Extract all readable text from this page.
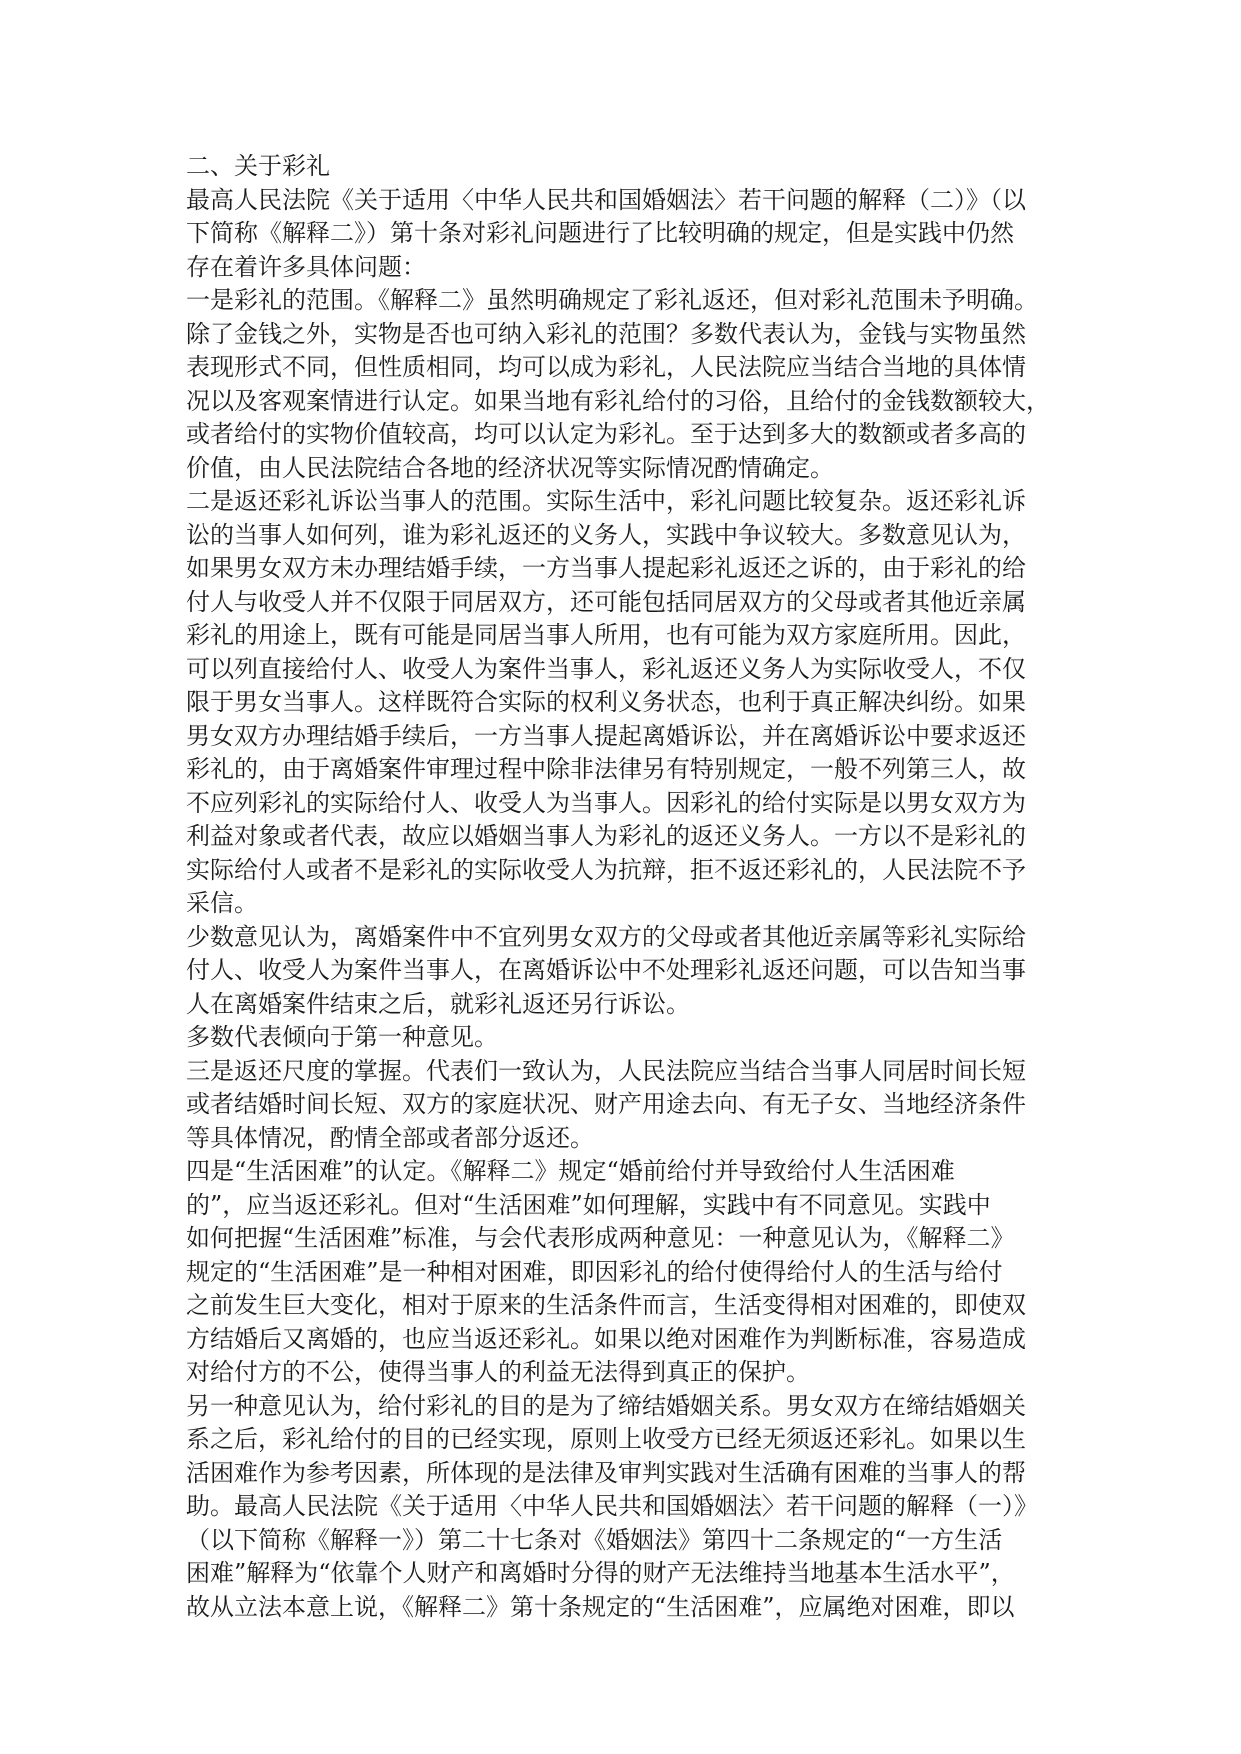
二、关于彩礼
最高人民法院《关于适用〈中华人民共和国婚姻法〉若干问题的解释（二）》（以
下简称《解释二》）第十条对彩礼问题进行了比较明确的规定，但是实践中仍然
存在着许多具体问题：
一是彩礼的范围。《解释二》虽然明确规定了彩礼返还，但对彩礼范围未予明确。
除了金钱之外，实物是否也可纳入彩礼的范围？多数代表认为，金钱与实物虽然
表现形式不同，但性质相同，均可以成为彩礼，人民法院应当结合当地的具体情
况以及客观案情进行认定。如果当地有彩礼给付的习俗，且给付的金钱数额较大，
或者给付的实物价值较高，均可以认定为彩礼。至于达到多大的数额或者多高的
价值，由人民法院结合各地的经济状况等实际情况酌情确定。
二是返还彩礼诉讼当事人的范围。实际生活中，彩礼问题比较复杂。返还彩礼诉
讼的当事人如何列，谁为彩礼返还的义务人，实践中争议较大。多数意见认为，
如果男女双方未办理结婚手续，一方当事人提起彩礼返还之诉的，由于彩礼的给
付人与收受人并不仅限于同居双方，还可能包括同居双方的父母或者其他近亲属
彩礼的用途上，既有可能是同居当事人所用，也有可能为双方家庭所用。因此，
可以列直接给付人、收受人为案件当事人，彩礼返还义务人为实际收受人，不仅
限于男女当事人。这样既符合实际的权利义务状态，也利于真正解决纠纷。如果
男女双方办理结婚手续后，一方当事人提起离婚诉讼，并在离婚诉讼中要求返还
彩礼的，由于离婚案件审理过程中除非法律另有特别规定，一般不列第三人，故
不应列彩礼的实际给付人、收受人为当事人。因彩礼的给付实际是以男女双方为
利益对象或者代表，故应以婚姻当事人为彩礼的返还义务人。一方以不是彩礼的
实际给付人或者不是彩礼的实际收受人为抗辩，拒不返还彩礼的，人民法院不予
采信。
少数意见认为，离婚案件中不宜列男女双方的父母或者其他近亲属等彩礼实际给
付人、收受人为案件当事人，在离婚诉讼中不处理彩礼返还问题，可以告知当事
人在离婚案件结束之后，就彩礼返还另行诉讼。
多数代表倾向于第一种意见。
三是返还尺度的掌握。代表们一致认为，人民法院应当结合当事人同居时间长短
或者结婚时间长短、双方的家庭状况、财产用途去向、有无子女、当地经济条件
等具体情况，酌情全部或者部分返还。
四是“生活困难”的认定。《解释二》规定“婚前给付并导致给付人生活困难
的”，应当返还彩礼。但对“生活困难”如何理解，实践中有不同意见。实践中
如何把握“生活困难”标准，与会代表形成两种意见：一种意见认为，《解释二》
规定的“生活困难”是一种相对困难，即因彩礼的给付使得给付人的生活与给付
之前发生巨大变化，相对于原来的生活条件而言，生活变得相对困难的，即使双
方结婚后又离婚的，也应当返还彩礼。如果以绝对困难作为判断标准，容易造成
对给付方的不公，使得当事人的利益无法得到真正的保护。
另一种意见认为，给付彩礼的目的是为了缔结婚姻关系。男女双方在缔结婚姻关
系之后，彩礼给付的目的已经实现，原则上收受方已经无须返还彩礼。如果以生
活困难作为参考因素，所体现的是法律及审判实践对生活确有困难的当事人的帮
助。最高人民法院《关于适用〈中华人民共和国婚姻法〉若干问题的解释（一）》
（以下简称《解释一》）第二十七条对《婚姻法》第四十二条规定的“一方生活
困难”解释为“依靠个人财产和离婚时分得的财产无法维持当地基本生活水平”，
故从立法本意上说，《解释二》第十条规定的“生活困难”，应属绝对困难，即以
